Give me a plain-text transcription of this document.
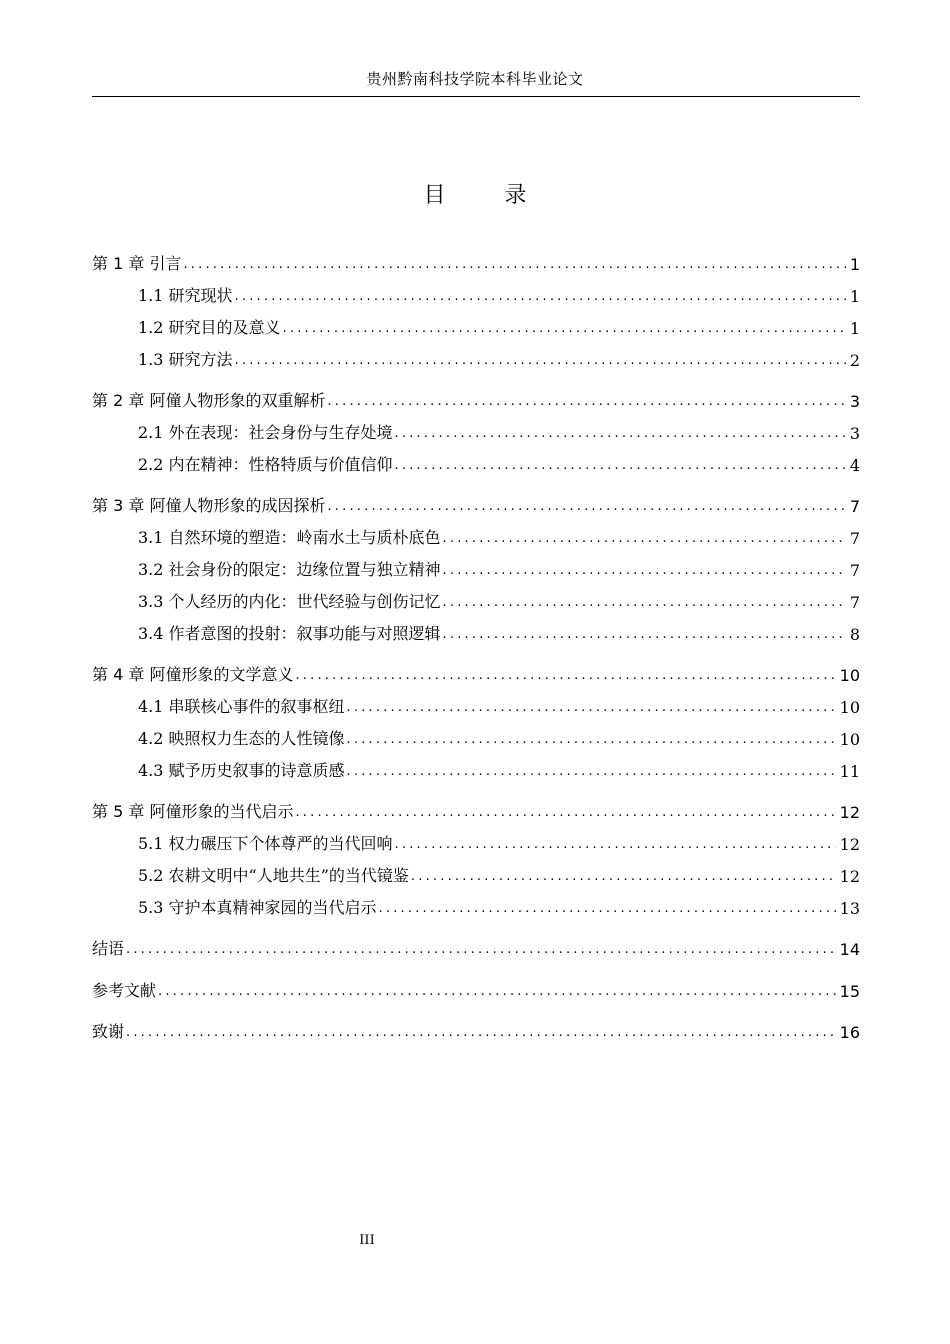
贵州黔南科技学院本科毕业论文
目 录
第 1 章 引言 .....	1
1.1 研究现状 .....	1
1.2 研究目的及意义 .....	1
1.3 研究方法 .....	2
第 2 章 阿僮人物形象的双重解析 .....	3
2.1 外在表现：社会身份与生存处境 .....	3
2.2 内在精神：性格特质与价值信仰 .....	4
第 3 章 阿僮人物形象的成因探析 .....	7
3.1 自然环境的塑造：岭南水土与质朴底色 .....	7
3.2 社会身份的限定：边缘位置与独立精神 .....	7
3.3 个人经历的内化：世代经验与创伤记忆 .....	7
3.4 作者意图的投射：叙事功能与对照逻辑 .....	8
第 4 章 阿僮形象的文学意义 .....	10
4.1 串联核心事件的叙事枢纽 .....	10
4.2 映照权力生态的人性镜像 .....	10
4.3 赋予历史叙事的诗意质感 .....	11
第 5 章 阿僮形象的当代启示 .....	12
5.1 权力碾压下个体尊严的当代回响 .....	12
5.2 农耕文明中“人地共生”的当代镜鉴 .....	12
5.3 守护本真精神家园的当代启示 .....	13
结语 .....	14
参考文献 .....	15
致谢 .....	16
III
